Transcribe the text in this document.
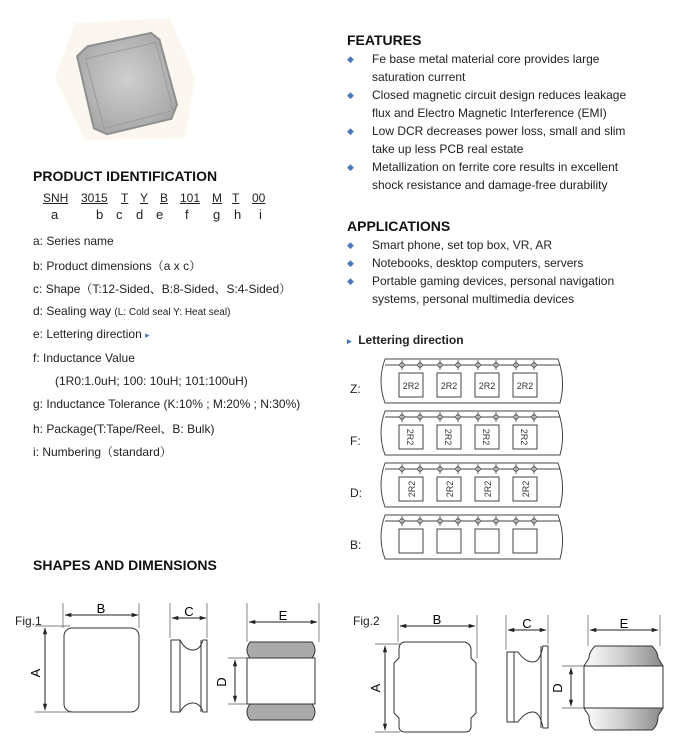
PRODUCT IDENTIFICATION
SNH 3015 T Y B 101 M T 00
a	b c d e f g h i
a: Series name
b: Product dimensions（a x c）
c: Shape（T:12-Sided、B:8-Sided、S:4-Sided）
d: Sealing way (L: Cold seal Y: Heat seal)
e: Lettering direction ▸
f: Inductance Value
(1R0:1.0uH; 100: 10uH; 101:100uH)
g: Inductance Tolerance (K:10% ; M:20% ; N:30%)
h: Package(T:Tape/Reel、B: Bulk)
i: Numbering（standard）
FEATURES
◆ Fe base metal material core provides large
saturation current
◆ Closed magnetic circuit design reduces leakage
flux and Electro Magnetic Interference (EMI)
◆ Low DCR decreases power loss, small and slim
take up less PCB real estate
◆ Metallization on ferrite core results in excellent
shock resistance and damage-free durability
APPLICATIONS
◆ Smart phone, set top box, VR, AR
◆ Notebooks, desktop computers, servers
◆ Portable gaming devices, personal navigation
systems, personal multimedia devices
▸ Lettering direction
Z:	2R2 2R2 2R2 2R2
F:	2R2	2R2	2R2	2R2
D:	2R2	2R2	2R2	2R2
B:
SHAPES AND DIMENSIONS
Fig.1	Fig.2
B
A
C	E
D
B
A
C	E
D
